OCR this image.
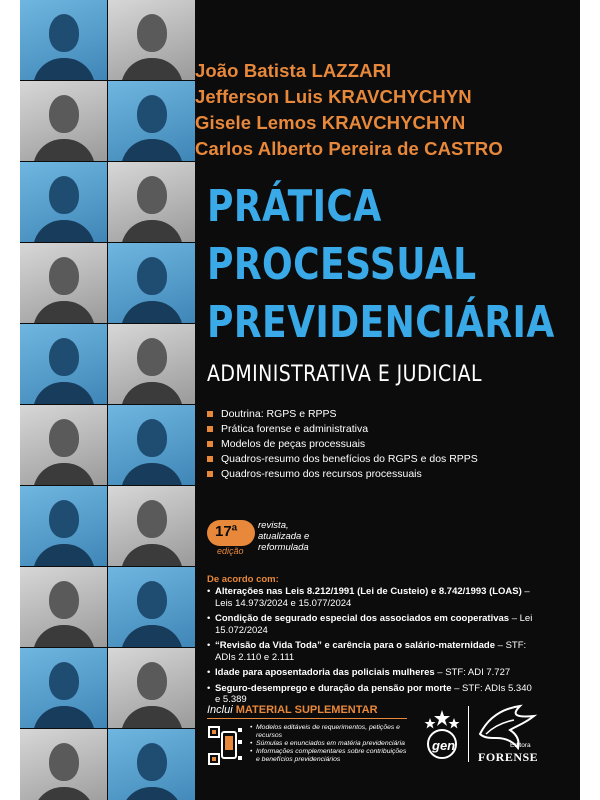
João Batista LAZZARI
Jefferson Luis KRAVCHYCHYN
Gisele Lemos KRAVCHYCHYN
Carlos Alberto Pereira de CASTRO
PRÁTICA
PROCESSUAL
PREVIDENCIÁRIA
ADMINISTRATIVA E JUDICIAL
Doutrina: RGPS e RPPS
Prática forense e administrativa
Modelos de peças processuais
Quadros-resumo dos benefícios do RGPS e dos RPPS
Quadros-resumo dos recursos processuais
17ª
edição
revista,
atualizada e
reformulada
De acordo com:
• Alterações nas Leis 8.212/1991 (Lei de Custeio) e 8.742/1993 (LOAS) – Leis 14.973/2024 e 15.077/2024
• Condição de segurado especial dos associados em cooperativas – Lei 15.072/2024
• “Revisão da Vida Toda” e carência para o salário-maternidade – STF: ADIs 2.110 e 2.111
• Idade para aposentadoria das policiais mulheres – STF: ADI 7.727
• Seguro-desemprego e duração da pensão por morte – STF: ADIs 5.340 e 5.389
Inclui MATERIAL SUPLEMENTAR
• Modelos editáveis de requerimentos, petições e recursos
• Súmulas e enunciados em matéria previdenciária
• Informações complementares sobre contribuições e benefícios previdenciários
gen	Editora
FORENSE
